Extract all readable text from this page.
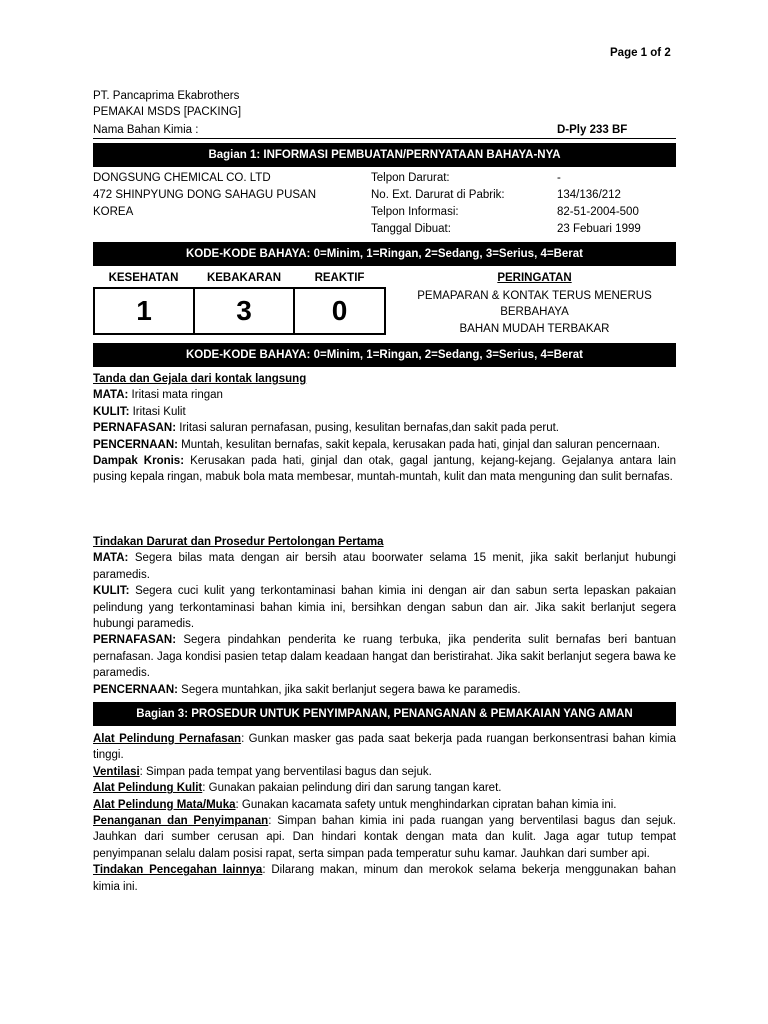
Page 1 of 2
PT. Pancaprima Ekabrothers
PEMAKAI MSDS [PACKING]
Nama Bahan Kimia :	D-Ply 233 BF
Bagian 1: INFORMASI PEMBUATAN/PERNYATAAN BAHAYA-NYA
DONGSUNG CHEMICAL CO. LTD
472 SHINPYUNG DONG SAHAGU PUSAN
KOREA
Telpon Darurat:	-
No. Ext. Darurat di Pabrik:	134/136/212
Telpon Informasi:	82-51-2004-500
Tanggal Dibuat:	23 Febuari 1999
KODE-KODE BAHAYA: 0=Minim, 1=Ringan, 2=Sedang, 3=Serius, 4=Berat
KESEHATAN	KEBAKARAN	REAKTIF
1	3	0
PERINGATAN
PEMAPARAN & KONTAK TERUS MENERUS
BERBAHAYA
BAHAN MUDAH TERBAKAR
KODE-KODE BAHAYA: 0=Minim, 1=Ringan, 2=Sedang, 3=Serius, 4=Berat

Tanda dan Gejala dari kontak langsung

MATA: Iritasi mata ringan

KULIT: Iritasi Kulit

PERNAFASAN: Iritasi saluran pernafasan, pusing, kesulitan bernafas,dan sakit pada perut.

PENCERNAAN: Muntah, kesulitan bernafas, sakit kepala, kerusakan pada hati, ginjal dan saluran pencernaan.

Dampak Kronis: Kerusakan pada hati, ginjal dan otak, gagal jantung, kejang-kejang. Gejalanya antara lain pusing kepala ringan, mabuk bola mata membesar, muntah-muntah, kulit dan mata menguning dan sulit bernafas.

Tindakan Darurat dan Prosedur Pertolongan Pertama

MATA: Segera bilas mata dengan air bersih atau boorwater selama 15 menit, jika sakit berlanjut hubungi paramedis.

KULIT: Segera cuci kulit yang terkontaminasi bahan kimia ini dengan air dan sabun serta lepaskan pakaian pelindung yang terkontaminasi bahan kimia ini, bersihkan dengan sabun dan air. Jika sakit berlanjut segera hubungi paramedis.

PERNAFASAN: Segera pindahkan penderita ke ruang terbuka, jika penderita sulit bernafas beri bantuan pernafasan. Jaga kondisi pasien tetap dalam keadaan hangat dan beristirahat. Jika sakit berlanjut segera bawa ke paramedis.

PENCERNAAN: Segera muntahkan, jika sakit berlanjut segera bawa ke paramedis.

Bagian 3: PROSEDUR UNTUK PENYIMPANAN, PENANGANAN & PEMAKAIAN YANG AMAN

Alat Pelindung Pernafasan: Gunkan masker gas pada saat bekerja pada ruangan berkonsentrasi bahan kimia tinggi.

Ventilasi: Simpan pada tempat yang berventilasi bagus dan sejuk.

Alat Pelindung Kulit: Gunakan pakaian pelindung diri dan sarung tangan karet.

Alat Pelindung Mata/Muka: Gunakan kacamata safety untuk menghindarkan cipratan bahan kimia ini.

Penanganan dan Penyimpanan: Simpan bahan kimia ini pada ruangan yang berventilasi bagus dan sejuk. Jauhkan dari sumber cerusan api. Dan hindari kontak dengan mata dan kulit. Jaga agar tutup tempat penyimpanan selalu dalam posisi rapat, serta simpan pada temperatur suhu kamar. Jauhkan dari sumber api.

Tindakan Pencegahan lainnya: Dilarang makan, minum dan merokok selama bekerja menggunakan bahan kimia ini.
